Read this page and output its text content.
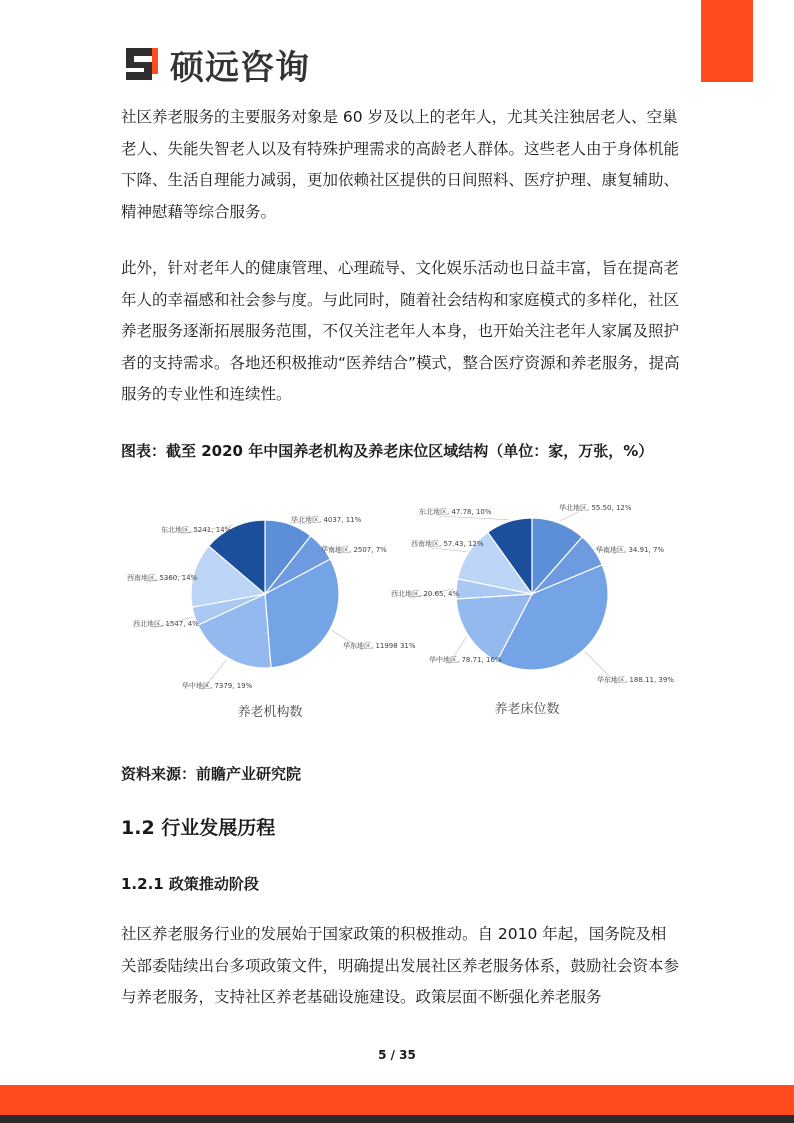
硕远咨询

社区养老服务的主要服务对象是 60 岁及以上的老年人，尤其关注独居老人、空巢老人、失能失智老人以及有特殊护理需求的高龄老人群体。这些老人由于身体机能下降、生活自理能力减弱，更加依赖社区提供的日间照料、医疗护理、康复辅助、精神慰藉等综合服务。

此外，针对老年人的健康管理、心理疏导、文化娱乐活动也日益丰富，旨在提高老年人的幸福感和社会参与度。与此同时，随着社会结构和家庭模式的多样化，社区养老服务逐渐拓展服务范围，不仅关注老年人本身，也开始关注老年人家属及照护者的支持需求。各地还积极推动“医养结合”模式，整合医疗资源和养老服务，提高服务的专业性和连续性。

图表：截至 2020 年中国养老机构及养老床位区域结构（单位：家，万张，%）

华北地区, 4037, 11%
华南地区, 2507, 7%
华东地区, 11998 31%
华中地区, 7379, 19%
西北地区, 1547, 4%
西南地区, 5360, 14%
东北地区, 5241, 14%
养老机构数
华北地区, 55.50, 12%
华南地区, 34.91, 7%
华东地区, 188.11, 39%
华中地区, 78.71, 16%
西北地区, 20.65, 4%
西南地区, 57.43, 12%
东北地区, 47.78, 10%
养老床位数

资料来源：前瞻产业研究院

1.2 行业发展历程

1.2.1 政策推动阶段

社区养老服务行业的发展始于国家政策的积极推动。自 2010 年起，国务院及相关部委陆续出台多项政策文件，明确提出发展社区养老服务体系，鼓励社会资本参与养老服务，支持社区养老基础设施建设。政策层面不断强化养老服务

5 / 35
